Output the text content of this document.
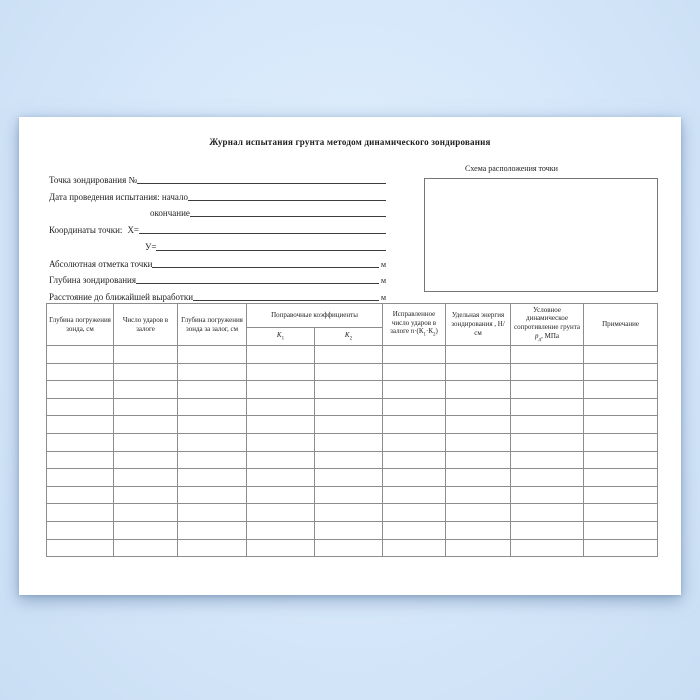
Журнал испытания грунта методом динамического зондирования
Точка зондирования №
Дата проведения испытания: начало
окончание
Координаты точки: Х=
У=
Абсолютная отметка точки	м
Глубина зондирования	м
Расстояние до ближайшей выработки	м
Схема расположения точки
Глубина погружения зонда, см	Число ударов в залоге	Глубина погружения зонда за залог, см	Поправочные коэффициенты		Исправленное число ударов в залоге $n\cdot(К_1\cdot К_2)$	Удельная энергия зондирования , Н/см	Условное динамическое сопротивление грунта $р_д$, МПа	Примечание
			$К_1$	$К_2$
